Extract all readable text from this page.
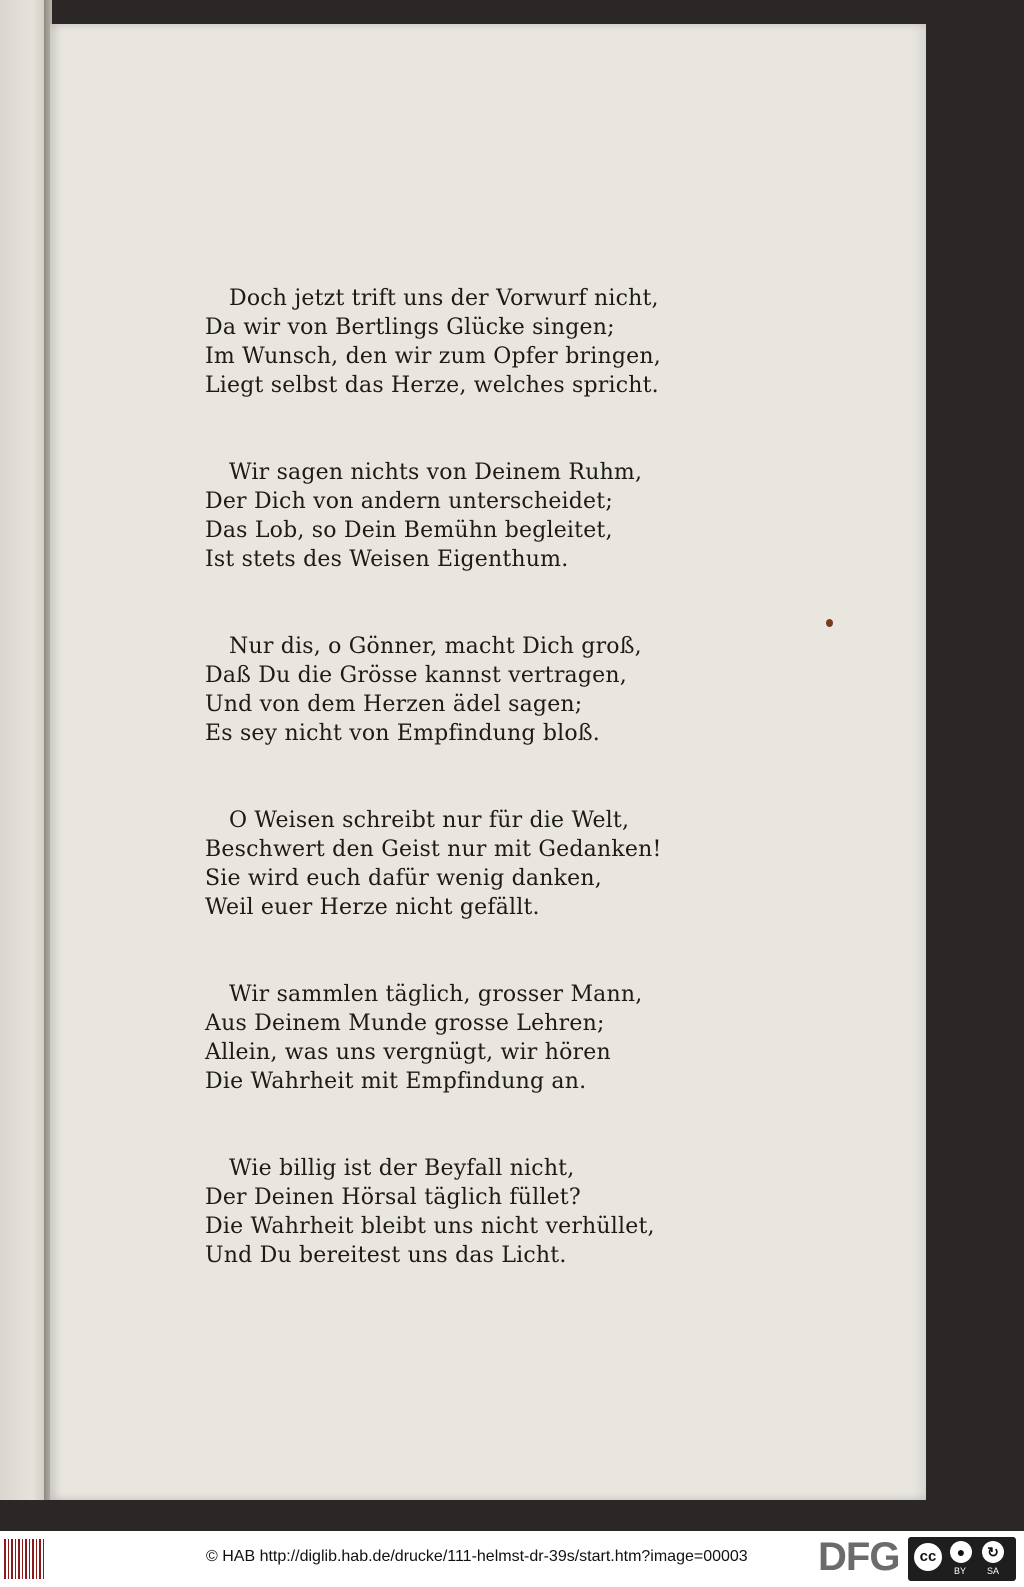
Doch jetzt trift uns der Vorwurf nicht,
Da wir von Bertlings Glücke singen;
Im Wunsch, den wir zum Opfer bringen,
Liegt selbst das Herze, welches spricht.
Wir sagen nichts von Deinem Ruhm,
Der Dich von andern unterscheidet;
Das Lob, so Dein Bemühn begleitet,
Ist stets des Weisen Eigenthum.
Nur dis, o Gönner, macht Dich groß,
Daß Du die Grösse kannst vertragen,
Und von dem Herzen ädel sagen;
Es sey nicht von Empfindung bloß.
O Weisen schreibt nur für die Welt,
Beschwert den Geist nur mit Gedanken!
Sie wird euch dafür wenig danken,
Weil euer Herze nicht gefällt.
Wir sammlen täglich, grosser Mann,
Aus Deinem Munde grosse Lehren;
Allein, was uns vergnügt, wir hören
Die Wahrheit mit Empfindung an.
Wie billig ist der Beyfall nicht,
Der Deinen Hörsal täglich füllet?
Die Wahrheit bleibt uns nicht verhüllet,
Und Du bereitest uns das Licht.
© HAB http://diglib.hab.de/drucke/111-helmst-dr-39s/start.htm?image=00003 DFG	cc	●
BY
↻
SA
